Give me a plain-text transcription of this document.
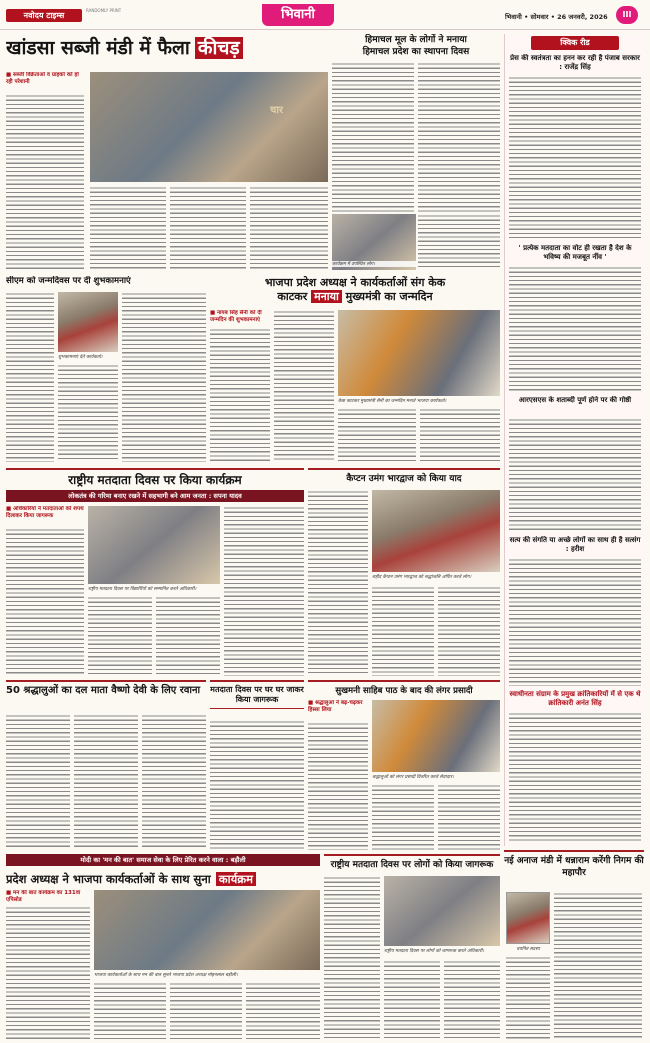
नवोदय टाइम्स
RANDOMLY PRINT	भिवानी	भिवानी • सोमवार • 26 जनवरी, 2026	III
खांडसा सब्जी मंडी में फैला कीचड़
■ सब्जी विक्रेताओं व ग्राहकों को हो रही परेशानी
चार
हिमाचल मूल के लोगों ने मनाया
हिमाचल प्रदेश का स्थापना दिवस
कार्यक्रम में उपस्थित लोग।
क्विक रीड
प्रेस की स्वतंत्रता का हनन कर रही है पंजाब सरकार : राजेंद्र सिंह
' प्रत्येक मतदाता का वोट ही रखता है देश के भविष्य की मजबूत नींव '
आरएसएस के शताब्दी पूर्ण होने पर की गोष्ठी
सत्य की संगति या अच्छे लोगों का साथ ही है सत्संग : हरीश
स्वाधीनता संग्राम के प्रमुख क्रांतिकारियों में से एक थे क्रांतिकारी अनंत सिंह
सीएम को जन्मदिवस पर दी शुभकामनाएं
शुभकामनाएं देते कार्यकर्ता।
भाजपा प्रदेश अध्यक्ष ने कार्यकर्ताओं संग केक
काटकर मनाया मुख्यमंत्री का जन्मदिन
■ नायब सिंह सैनी को दी जन्मदिन की शुभकामनाएं
केक काटकर मुख्यमंत्री सैनी का जन्मदिन मनाते भाजपा कार्यकर्ता।
राष्ट्रीय मतदाता दिवस पर किया कार्यक्रम
लोकतंत्र की गरिमा बनाए रखने में सहभागी बने आम जनता : सपना यादव
■ अधिकारियों ने मतदाताओं को शपथ दिलाकर किया जागरूक
राष्ट्रीय मतदाता दिवस पर विद्यार्थियों को सम्मानित करते अधिकारी।
कैप्टन उमंग भारद्वाज को किया याद
शहीद कैप्टन उमंग भारद्वाज को श्रद्धांजलि अर्पित करते लोग।
50 श्रद्धालुओं का दल माता वैष्णो देवी के लिए रवाना	मतदाता दिवस पर घर घर जाकर किया जागरूक
सुखमनी साहिब पाठ के बाद की लंगर प्रसादी
■ श्रद्धालुओं ने बढ़-चढ़कर हिस्सा लिया
श्रद्धालुओं को लंगर प्रसादी वितरित करते सेवादार।
मोदी का 'मन की बात' समाज सेवा के लिए प्रेरित करने वाला : बड़ौली
प्रदेश अध्यक्ष ने भाजपा कार्यकर्ताओं के साथ सुना कार्यक्रम
■ मन की बात कार्यक्रम का 131वां एपिसोड
भाजपा कार्यकर्ताओं के साथ मन की बात सुनते भाजपा प्रदेश अध्यक्ष मोहनलाल बड़ौली।
राष्ट्रीय मतदाता दिवस पर लोगों को किया जागरूक
राष्ट्रीय मतदाता दिवस पर लोगों को जागरूक करते अधिकारी।
नई अनाज मंडी में धन्नाराम करेंगी निगम की महापौर
चयनित सदस्य
